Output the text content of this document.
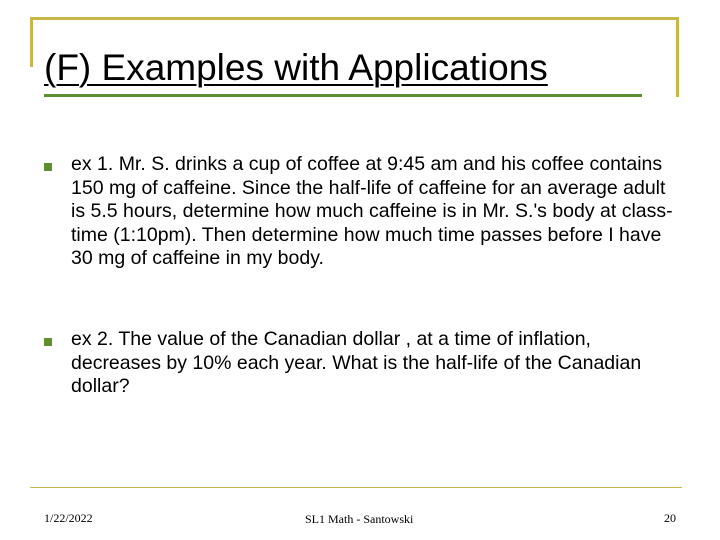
(F) Examples with Applications
ex 1. Mr. S. drinks a cup of coffee at 9:45 am and his coffee contains 150 mg of caffeine. Since the half-life of caffeine for an average adult is 5.5 hours, determine how much caffeine is in Mr. S.'s body at class-time (1:10pm). Then determine how much time passes before I have 30 mg of caffeine in my body.
ex 2. The value of the Canadian dollar , at a time of inflation, decreases by 10% each year. What is the half-life of the Canadian dollar?
1/22/2022	SL1 Math - Santowski	20
